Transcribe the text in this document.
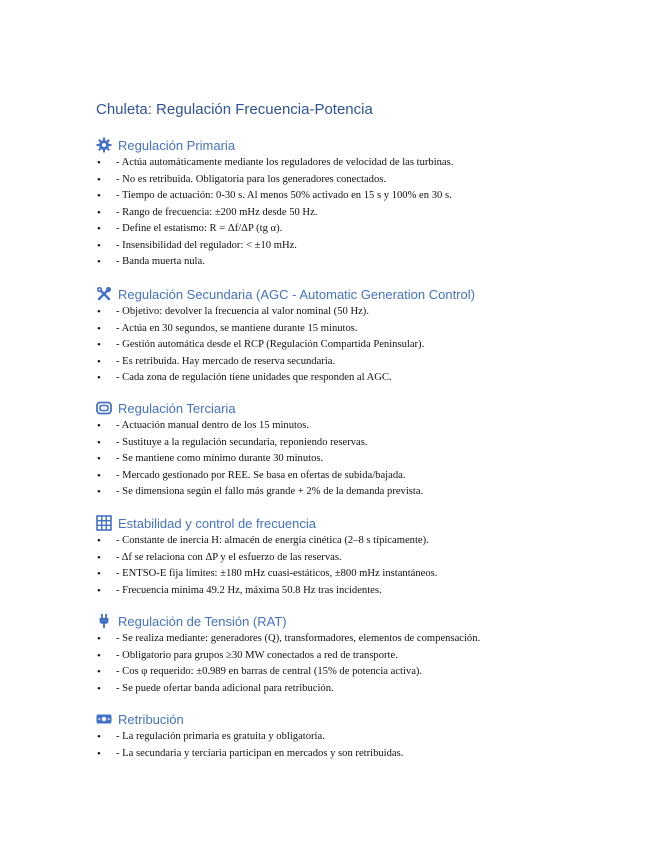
Chuleta: Regulación Frecuencia-Potencia
Regulación Primaria
• - Actúa automáticamente mediante los reguladores de velocidad de las turbinas.
• - No es retribuida. Obligatoria para los generadores conectados.
• - Tiempo de actuación: 0-30 s. Al menos 50% activado en 15 s y 100% en 30 s.
• - Rango de frecuencia: ±200 mHz desde 50 Hz.
• - Define el estatismo: R = Δf/ΔP (tg α).
• - Insensibilidad del regulador: < ±10 mHz.
• - Banda muerta nula.
Regulación Secundaria (AGC - Automatic Generation Control)
• - Objetivo: devolver la frecuencia al valor nominal (50 Hz).
• - Actúa en 30 segundos, se mantiene durante 15 minutos.
• - Gestión automática desde el RCP (Regulación Compartida Peninsular).
• - Es retribuida. Hay mercado de reserva secundaria.
• - Cada zona de regulación tiene unidades que responden al AGC.
Regulación Terciaria
• - Actuación manual dentro de los 15 minutos.
• - Sustituye a la regulación secundaria, reponiendo reservas.
• - Se mantiene como mínimo durante 30 minutos.
• - Mercado gestionado por REE. Se basa en ofertas de subida/bajada.
• - Se dimensiona según el fallo más grande + 2% de la demanda prevista.
Estabilidad y control de frecuencia
• - Constante de inercia H: almacén de energía cinética (2–8 s típicamente).
• - Δf se relaciona con ΔP y el esfuerzo de las reservas.
• - ENTSO-E fija límites: ±180 mHz cuasi-estáticos, ±800 mHz instantáneos.
• - Frecuencia mínima 49.2 Hz, máxima 50.8 Hz tras incidentes.
Regulación de Tensión (RAT)
• - Se realiza mediante: generadores (Q), transformadores, elementos de compensación.
• - Obligatorio para grupos ≥30 MW conectados a red de transporte.
• - Cos φ requerido: ±0.989 en barras de central (15% de potencia activa).
• - Se puede ofertar banda adicional para retribución.
Retribución
• - La regulación primaria es gratuita y obligatoria.
• - La secundaria y terciaria participan en mercados y son retribuidas.
